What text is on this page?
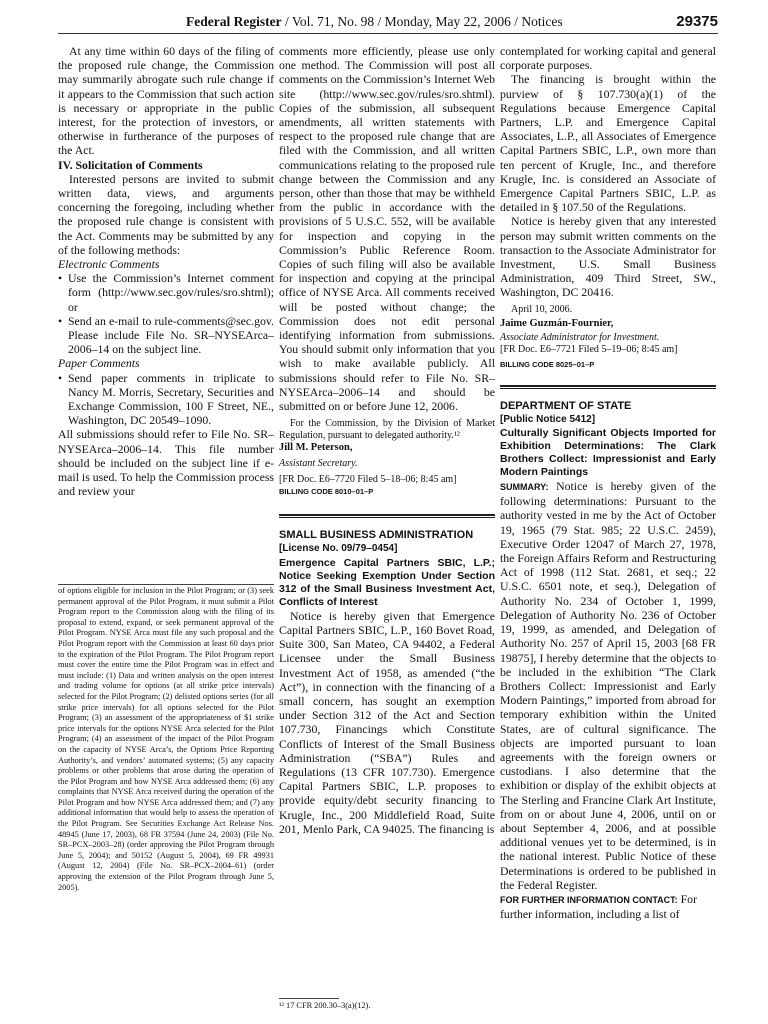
Federal Register / Vol. 71, No. 98 / Monday, May 22, 2006 / Notices	29375

At any time within 60 days of the filing of the proposed rule change, the Commission may summarily abrogate such rule change if it appears to the Commission that such action is necessary or appropriate in the public interest, for the protection of investors, or otherwise in furtherance of the purposes of the Act.

IV. Solicitation of Comments

Interested persons are invited to submit written data, views, and arguments concerning the foregoing, including whether the proposed rule change is consistent with the Act. Comments may be submitted by any of the following methods:

Electronic Comments

• Use the Commission’s Internet comment form (http://www.sec.gov/rules/sro.shtml); or

• Send an e-mail to rule-comments@sec.gov. Please include File No. SR–NYSEArca–2006–14 on the subject line.

Paper Comments

• Send paper comments in triplicate to Nancy M. Morris, Secretary, Securities and Exchange Commission, 100 F Street, NE., Washington, DC 20549–1090.

All submissions should refer to File No. SR–NYSEArca–2006–14. This file number should be included on the subject line if e-mail is used. To help the Commission process and review your

of options eligible for inclusion in the Pilot Program; or (3) seek permanent approval of the Pilot Program, it must submit a Pilot Program report to the Commission along with the filing of its proposal to extend, expand, or seek permanent approval of the Pilot Program. NYSE Arca must file any such proposal and the Pilot Program report with the Commission at least 60 days prior to the expiration of the Pilot Program. The Pilot Program report must cover the entire time the Pilot Program was in effect and must include: (1) Data and written analysis on the open interest and trading volume for options (at all strike price intervals) selected for the Pilot Program; (2) delisted options series (for all strike price intervals) for all options selected for the Pilot Program; (3) an assessment of the appropriateness of $1 strike price intervals for the options NYSE Arca selected for the Pilot Program; (4) an assessment of the impact of the Pilot Program on the capacity of NYSE Arca’s, the Options Price Reporting Authority’s, and vendors’ automated systems; (5) any capacity problems or other problems that arose during the operation of the Pilot Program and how NYSE Arca addressed them; (6) any complaints that NYSE Arca received during the operation of the Pilot Program and how NYSE Arca addressed them; and (7) any additional information that would help to assess the operation of the Pilot Program. See Securities Exchange Act Release Nos. 48945 (June 17, 2003), 68 FR 37594 (June 24, 2003) (File No. SR–PCX–2003–28) (order approving the Pilot Program through June 5, 2004); and 50152 (August 5, 2004), 69 FR 49931 (August 12, 2004) (File No. SR–PCX–2004–61) (order approving the extension of the Pilot Program through June 5, 2005).

comments more efficiently, please use only one method. The Commission will post all comments on the Commission’s Internet Web site (http://www.sec.gov/rules/sro.shtml). Copies of the submission, all subsequent amendments, all written statements with respect to the proposed rule change that are filed with the Commission, and all written communications relating to the proposed rule change between the Commission and any person, other than those that may be withheld from the public in accordance with the provisions of 5 U.S.C. 552, will be available for inspection and copying in the Commission’s Public Reference Room. Copies of such filing will also be available for inspection and copying at the principal office of NYSE Arca. All comments received will be posted without change; the Commission does not edit personal identifying information from submissions. You should submit only information that you wish to make available publicly. All submissions should refer to File No. SR–NYSEArca–2006–14 and should be submitted on or before June 12, 2006.

For the Commission, by the Division of Market Regulation, pursuant to delegated authority.¹²

Jill M. Peterson,

Assistant Secretary.

[FR Doc. E6–7720 Filed 5–18–06; 8:45 am]

BILLING CODE 8010–01–P

SMALL BUSINESS ADMINISTRATION

[License No. 09/79–0454]

Emergence Capital Partners SBIC, L.P.; Notice Seeking Exemption Under Section 312 of the Small Business Investment Act, Conflicts of Interest

Notice is hereby given that Emergence Capital Partners SBIC, L.P., 160 Bovet Road, Suite 300, San Mateo, CA 94402, a Federal Licensee under the Small Business Investment Act of 1958, as amended (“the Act”), in connection with the financing of a small concern, has sought an exemption under Section 312 of the Act and Section 107.730, Financings which Constitute Conflicts of Interest of the Small Business Administration (“SBA”) Rules and Regulations (13 CFR 107.730). Emergence Capital Partners SBIC, L.P. proposes to provide equity/debt security financing to Krugle, Inc., 200 Middlefield Road, Suite 201, Menlo Park, CA 94025. The financing is

¹² 17 CFR 200.30–3(a)(12).

contemplated for working capital and general corporate purposes.

The financing is brought within the purview of § 107.730(a)(1) of the Regulations because Emergence Capital Partners, L.P. and Emergence Capital Associates, L.P., all Associates of Emergence Capital Partners SBIC, L.P., own more than ten percent of Krugle, Inc., and therefore Krugle, Inc. is considered an Associate of Emergence Capital Partners SBIC, L.P. as detailed in § 107.50 of the Regulations.

Notice is hereby given that any interested person may submit written comments on the transaction to the Associate Administrator for Investment, U.S. Small Business Administration, 409 Third Street, SW., Washington, DC 20416.

April 10, 2006.

Jaime Guzmán-Fournier,

Associate Administrator for Investment.

[FR Doc. E6–7721 Filed 5–19–06; 8:45 am]

BILLING CODE 8025–01–P

DEPARTMENT OF STATE

[Public Notice 5412]

Culturally Significant Objects Imported for Exhibition Determinations: The Clark Brothers Collect: Impressionist and Early Modern Paintings

SUMMARY: Notice is hereby given of the following determinations: Pursuant to the authority vested in me by the Act of October 19, 1965 (79 Stat. 985; 22 U.S.C. 2459), Executive Order 12047 of March 27, 1978, the Foreign Affairs Reform and Restructuring Act of 1998 (112 Stat. 2681, et seq.; 22 U.S.C. 6501 note, et seq.), Delegation of Authority No. 234 of October 1, 1999, Delegation of Authority No. 236 of October 19, 1999, as amended, and Delegation of Authority No. 257 of April 15, 2003 [68 FR 19875], I hereby determine that the objects to be included in the exhibition “The Clark Brothers Collect: Impressionist and Early Modern Paintings,” imported from abroad for temporary exhibition within the United States, are of cultural significance. The objects are imported pursuant to loan agreements with the foreign owners or custodians. I also determine that the exhibition or display of the exhibit objects at The Sterling and Francine Clark Art Institute, from on or about June 4, 2006, until on or about September 4, 2006, and at possible additional venues yet to be determined, is in the national interest. Public Notice of these Determinations is ordered to be published in the Federal Register.

FOR FURTHER INFORMATION CONTACT: For further information, including a list of
